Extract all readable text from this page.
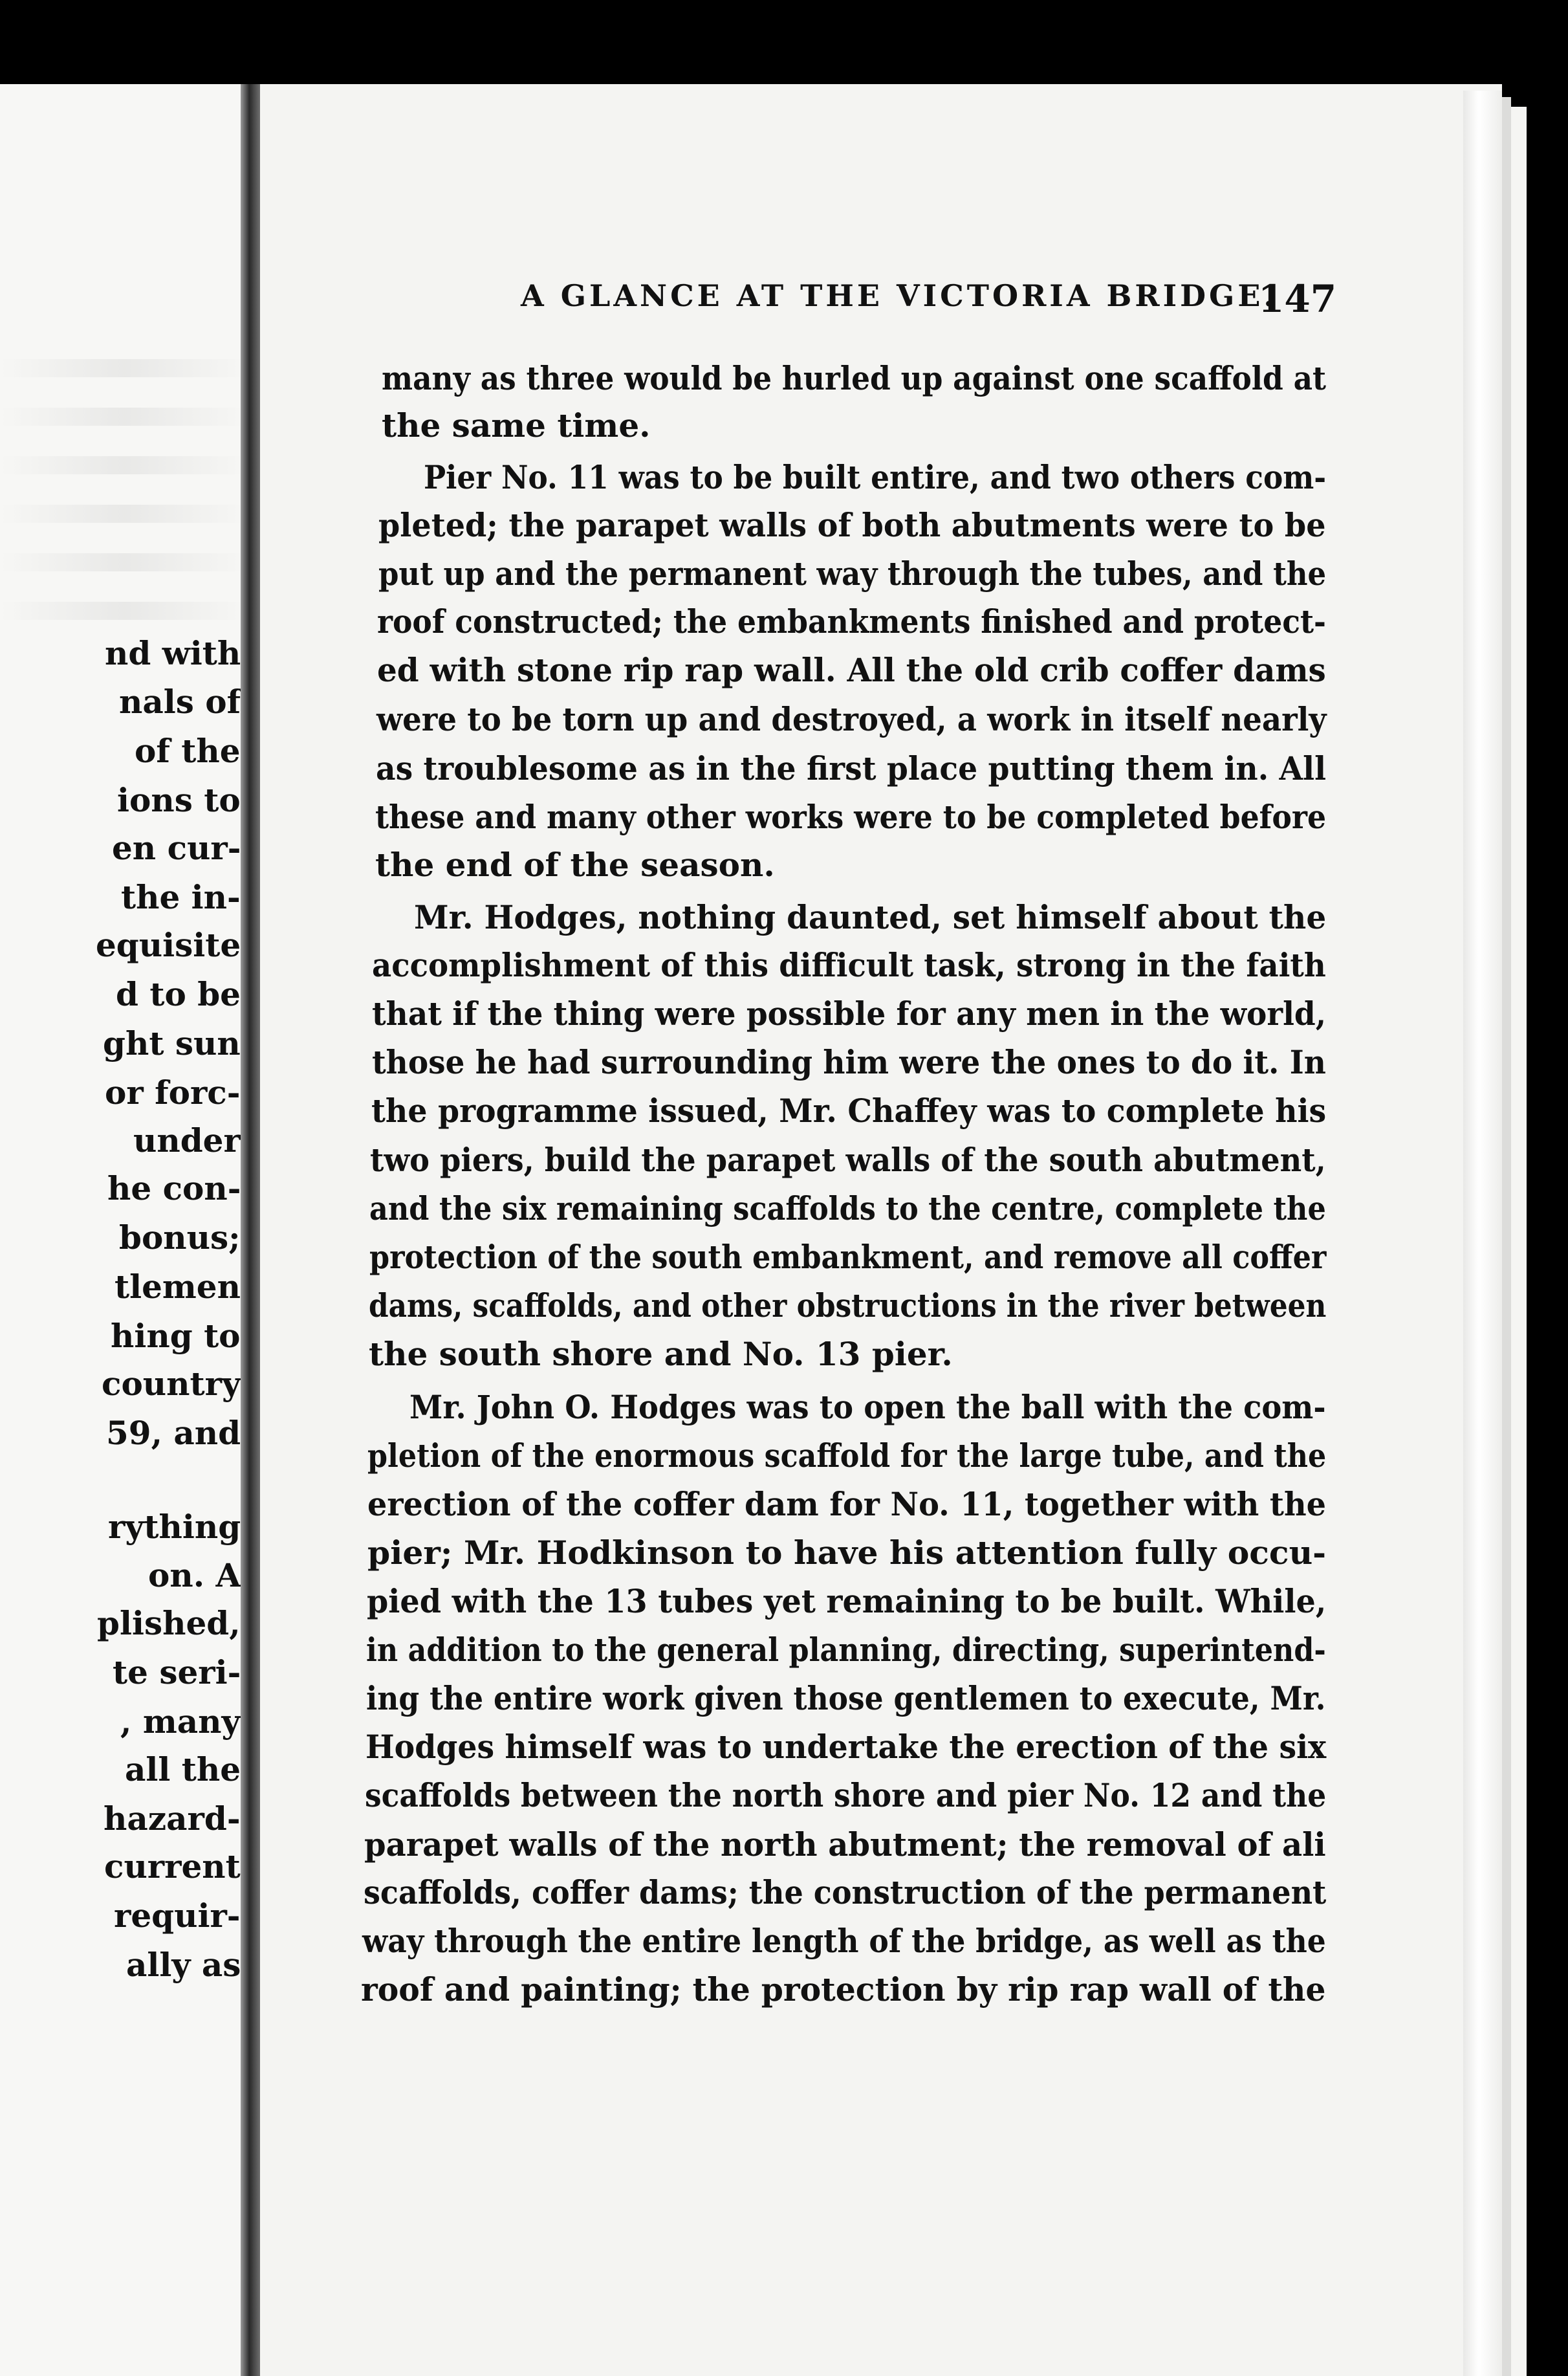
nd with
nals of
of the
ions to
en cur-
the in-
equisite
d to be
ght sun
or forc-
under
he con-
bonus;
tlemen
hing to
country
59, and
rything
on. A
plished,
te seri-
, many
all the
hazard-
current
requir-
ally as
A GLANCE AT THE VICTORIA BRIDGE.
147
many as three would be hurled up against one scaffold at
the same time.
Pier No. 11 was to be built entire, and two others com-
pleted; the parapet walls of both abutments were to be
put up and the permanent way through the tubes, and the
roof constructed; the embankments finished and protect-
ed with stone rip rap wall. All the old crib coffer dams
were to be torn up and destroyed, a work in itself nearly
as troublesome as in the first place putting them in. All
these and many other works were to be completed before
the end of the season.
Mr. Hodges, nothing daunted, set himself about the
accomplishment of this difficult task, strong in the faith
that if the thing were possible for any men in the world,
those he had surrounding him were the ones to do it. In
the programme issued, Mr. Chaffey was to complete his
two piers, build the parapet walls of the south abutment,
and the six remaining scaffolds to the centre, complete the
protection of the south embankment, and remove all coffer
dams, scaffolds, and other obstructions in the river between
the south shore and No. 13 pier.
Mr. John O. Hodges was to open the ball with the com-
pletion of the enormous scaffold for the large tube, and the
erection of the coffer dam for No. 11, together with the
pier; Mr. Hodkinson to have his attention fully occu-
pied with the 13 tubes yet remaining to be built. While,
in addition to the general planning, directing, superintend-
ing the entire work given those gentlemen to execute, Mr.
Hodges himself was to undertake the erection of the six
scaffolds between the north shore and pier No. 12 and the
parapet walls of the north abutment; the removal of ali
scaffolds, coffer dams; the construction of the permanent
way through the entire length of the bridge, as well as the
roof and painting; the protection by rip rap wall of the
